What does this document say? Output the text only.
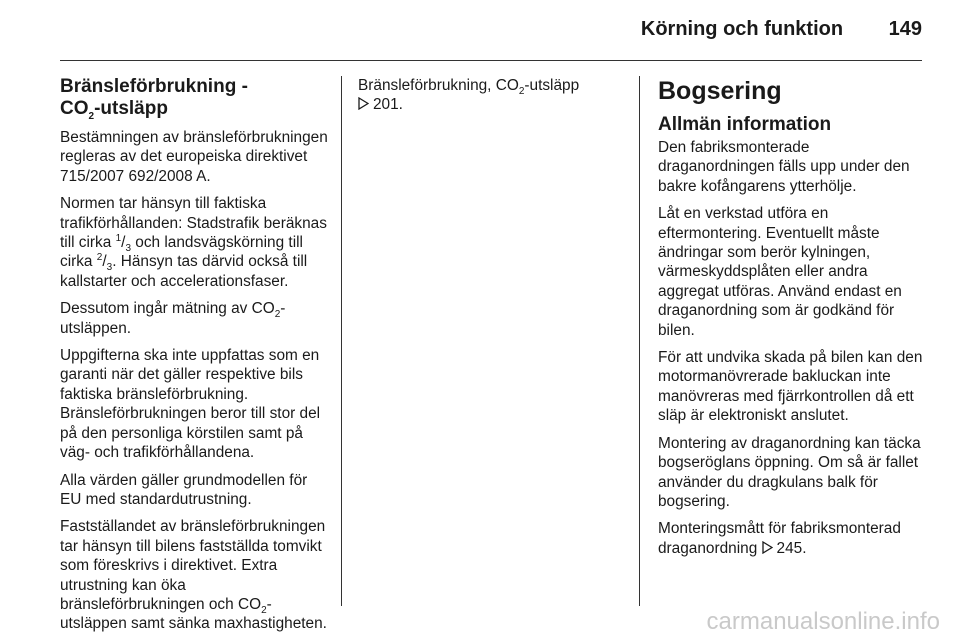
Körning och funktion 149
Bränsleförbrukning -
$CO_2$-utsläpp

Bestämningen av bränsleförbrukningen regleras av det europeiska direktivet 715/2007 692/2008 A.

Normen tar hänsyn till faktiska trafikförhållanden: Stadstrafik beräknas till cirka $^1/_3$ och landsvägskörning till cirka $^2/_3$. Hänsyn tas därvid också till kallstarter och accelerationsfaser.

Dessutom ingår mätning av $CO_2$-utsläppen.

Uppgifterna ska inte uppfattas som en garanti när det gäller respektive bils faktiska bränsleförbrukning. Bränsleförbrukningen beror till stor del på den personliga körstilen samt på väg- och trafikförhållandena.

Alla värden gäller grundmodellen för EU med standardutrustning.

Fastställandet av bränsleförbrukningen tar hänsyn till bilens fastställda tomvikt som föreskrivs i direktivet. Extra utrustning kan öka bränsleförbrukningen och $CO_2$-utsläppen samt sänka maxhastigheten.

Bränsleförbrukning, $CO_2$-utsläpp
201.	Bogsering
Allmän information

Den fabriksmonterade draganordningen fälls upp under den bakre kofångarens ytterhölje.

Låt en verkstad utföra en eftermontering. Eventuellt måste ändringar som berör kylningen, värmeskyddsplåten eller andra aggregat utföras. Använd endast en draganordning som är godkänd för bilen.

För att undvika skada på bilen kan den motormanövrerade bakluckan inte manövreras med fjärrkontrollen då ett släp är elektroniskt anslutet.

Montering av draganordning kan täcka bogseröglans öppning. Om så är fallet använder du dragkulans balk för bogsering.

Monteringsmått för fabriksmonterad draganordning 245.

carmanualsonline.info
